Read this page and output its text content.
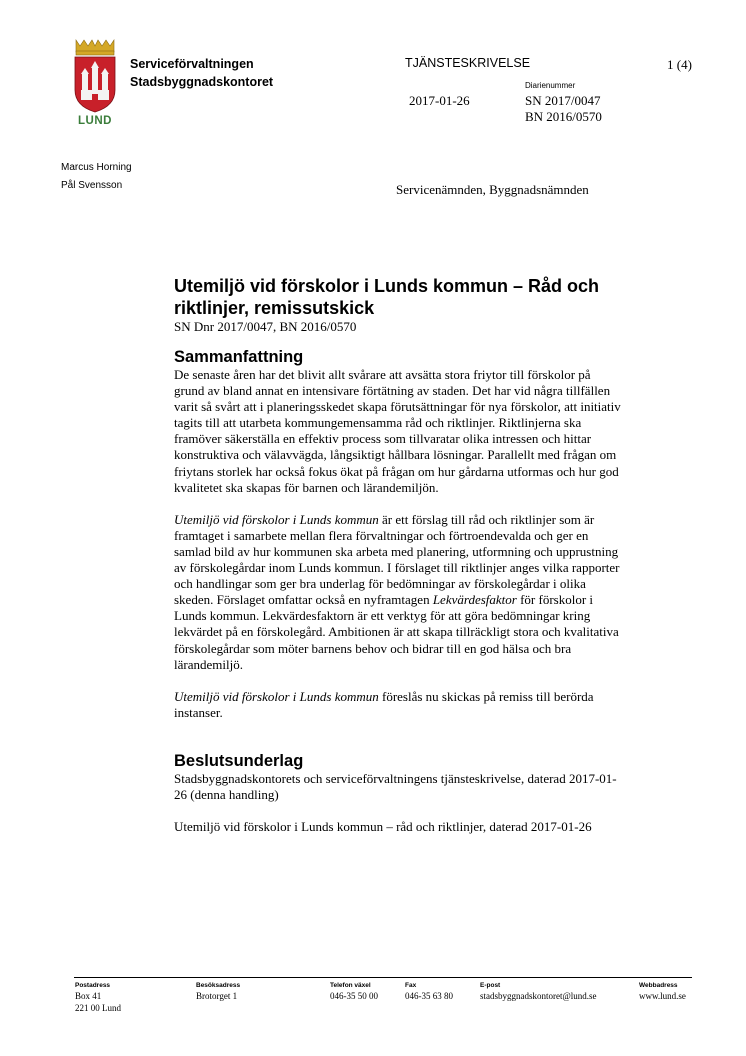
LUND
Serviceförvaltningen
Stadsbyggnadskontoret
TJÄNSTESKRIVELSE	1 (4)
Diarienummer
2017-01-26	SN 2017/0047
BN 2016/0570
Marcus Horning
Pål Svensson	Servicenämnden, Byggnadsnämnden
Utemiljö vid förskolor i Lunds kommun – Råd och riktlinjer, remissutskick

SN Dnr 2017/0047, BN 2016/0570

Sammanfattning

De senaste åren har det blivit allt svårare att avsätta stora friytor till förskolor på grund av bland annat en intensivare förtätning av staden. Det har vid några tillfällen varit så svårt att i planeringsskedet skapa förutsättningar för nya förskolor, att initiativ tagits till att utarbeta kommungemensamma råd och riktlinjer. Riktlinjerna ska framöver säkerställa en effektiv process som tillvaratar olika intressen och hittar konstruktiva och välavvägda, långsiktigt hållbara lösningar. Parallellt med frågan om friytans storlek har också fokus ökat på frågan om hur gårdarna utformas och hur god kvalitetet ska skapas för barnen och lärandemiljön.

Utemiljö vid förskolor i Lunds kommun är ett förslag till råd och riktlinjer som är framtaget i samarbete mellan flera förvaltningar och förtroendevalda och ger en samlad bild av hur kommunen ska arbeta med planering, utformning och upprustning av förskolegårdar inom Lunds kommun. I förslaget till riktlinjer anges vilka rapporter och handlingar som ger bra underlag för bedömningar av förskolegårdar i olika skeden. Förslaget omfattar också en nyframtagen Lekvärdesfaktor för förskolor i Lunds kommun. Lekvärdesfaktorn är ett verktyg för att göra bedömningar kring lekvärdet på en förskolegård. Ambitionen är att skapa tillräckligt stora och kvalitativa förskolegårdar som möter barnens behov och bidrar till en god hälsa och bra lärandemiljö.

Utemiljö vid förskolor i Lunds kommun föreslås nu skickas på remiss till berörda instanser.

Beslutsunderlag

Stadsbyggnadskontorets och serviceförvaltningens tjänsteskrivelse, daterad 2017-01-26 (denna handling)

Utemiljö vid förskolor i Lunds kommun – råd och riktlinjer, daterad 2017-01-26

Postadress
Box 41
221 00 Lund
Besöksadress
Brotorget 1
Telefon växel
046-35 50 00
Fax
046-35 63 80
E-post
stadsbyggnadskontoret@lund.se
Webbadress
www.lund.se
